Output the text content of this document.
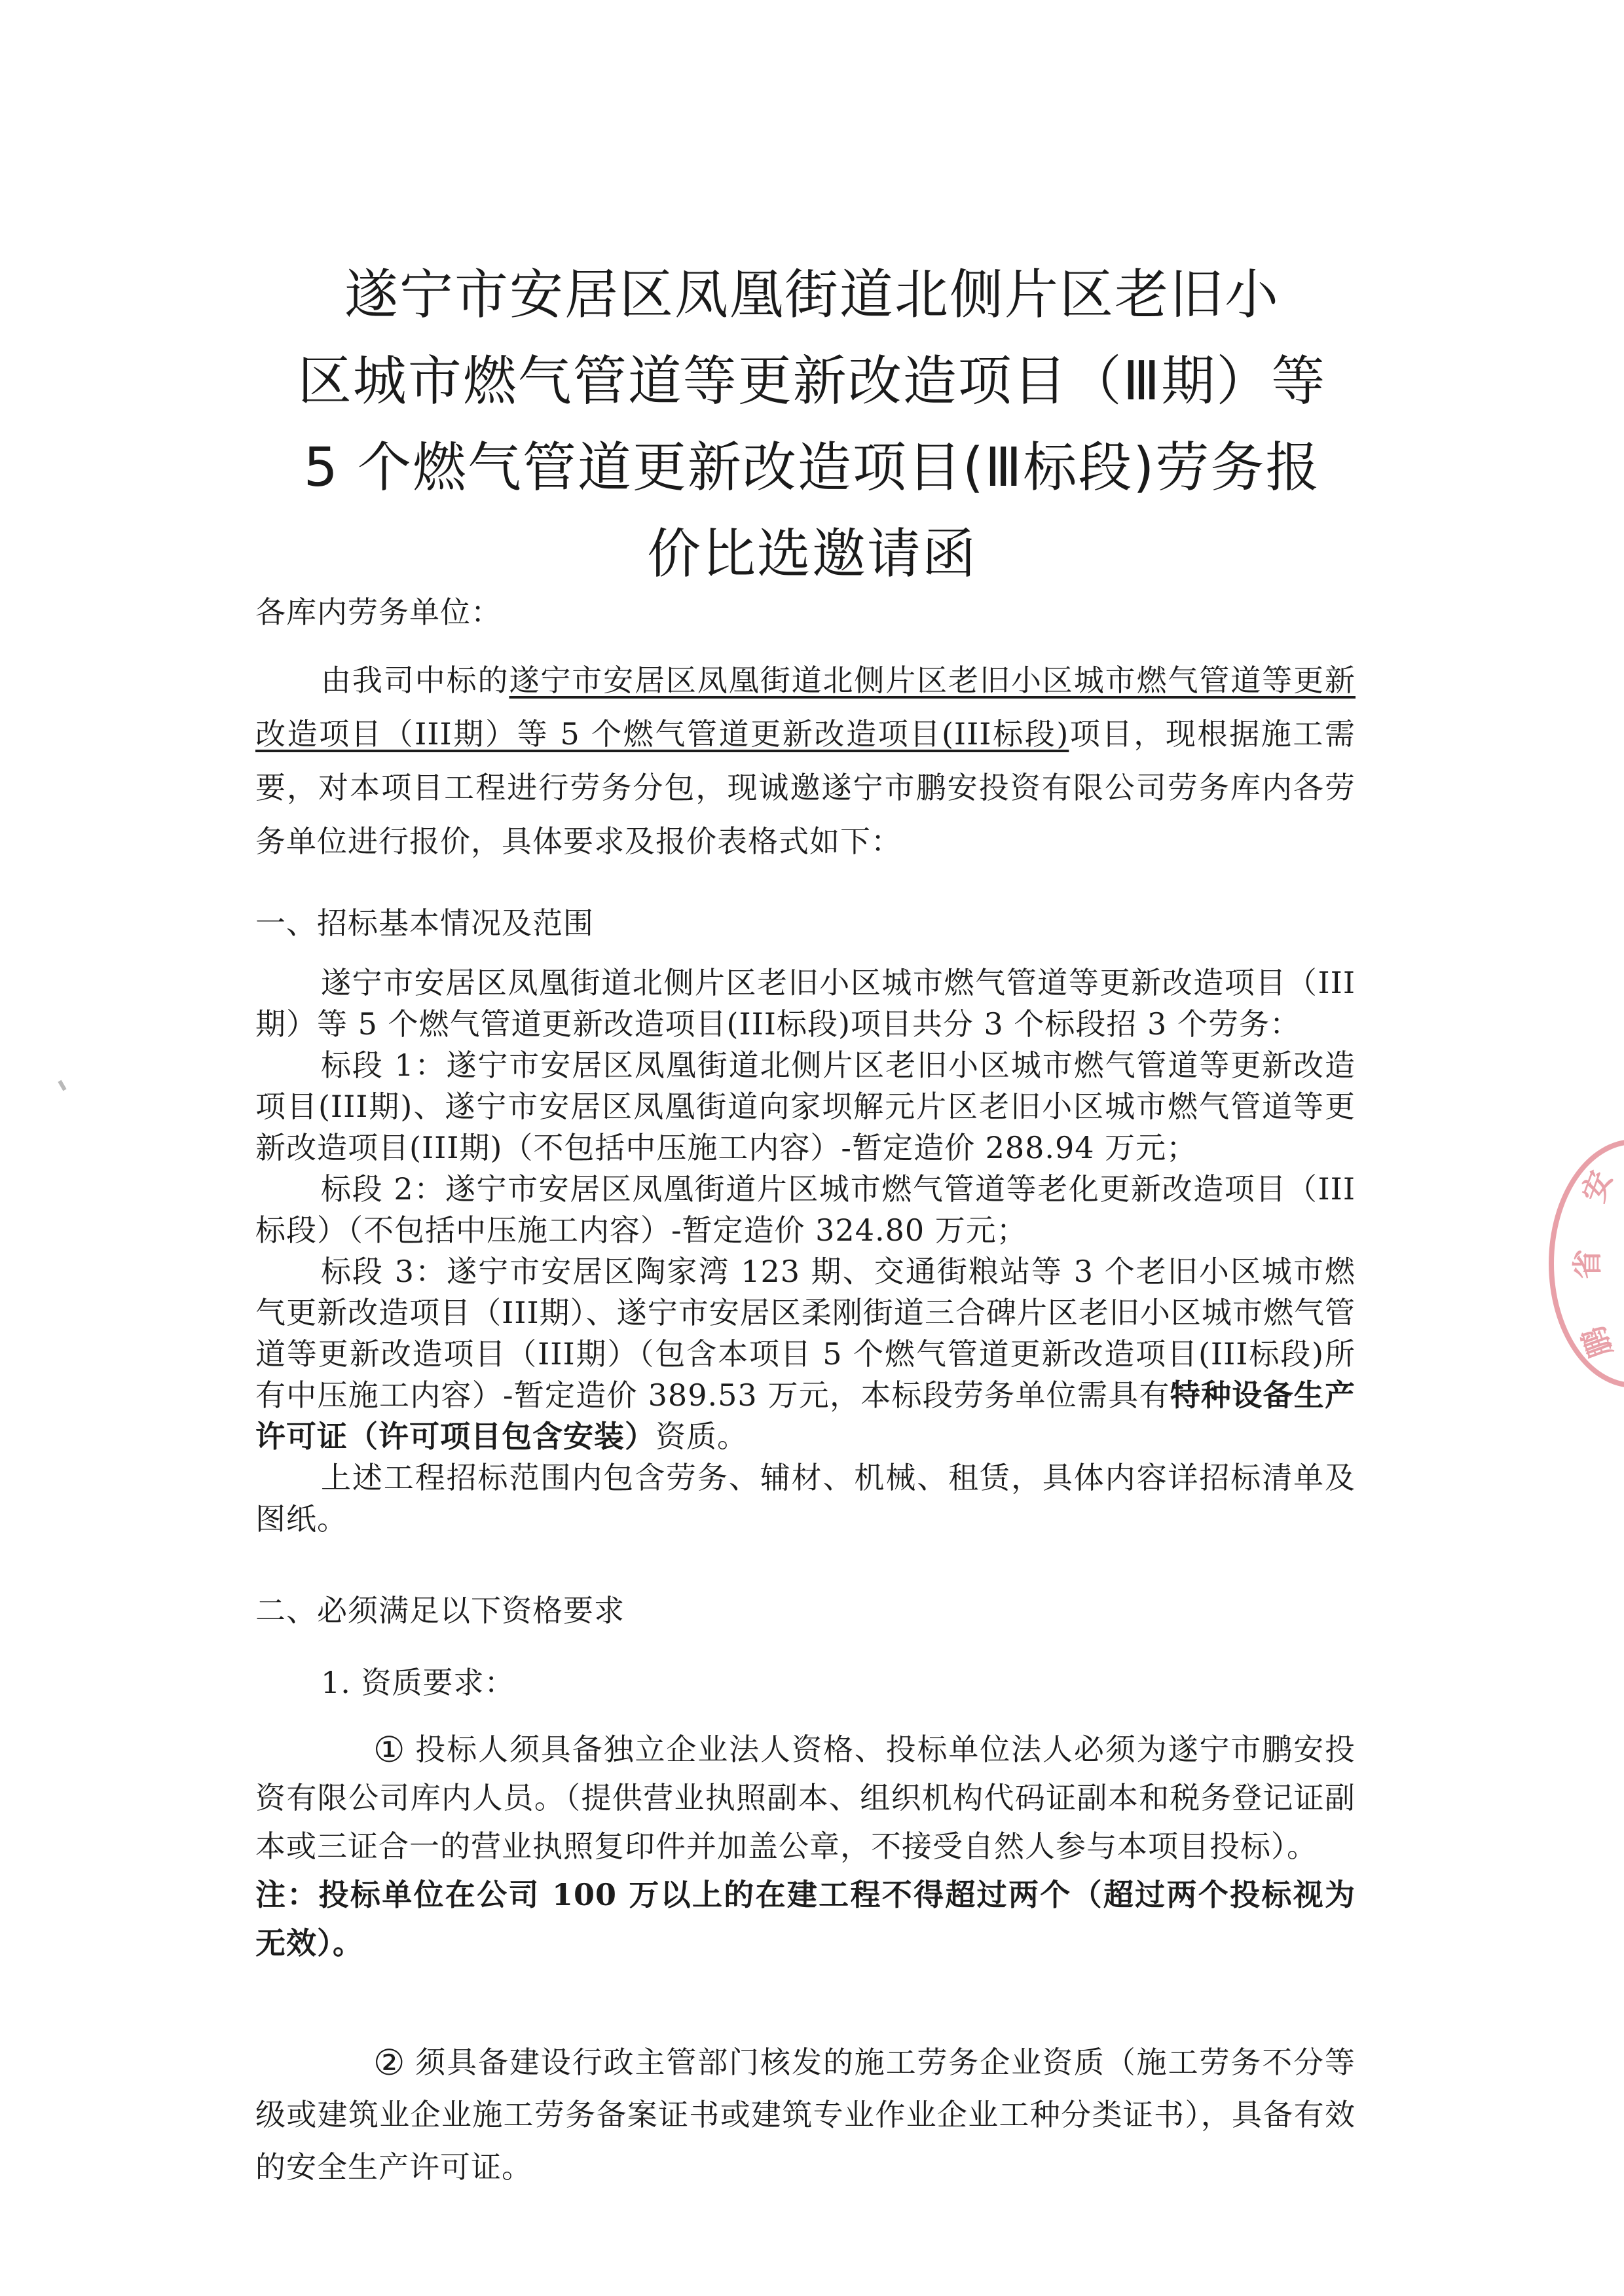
遂宁市安居区凤凰街道北侧片区老旧小
区城市燃气管道等更新改造项目（Ⅲ期）等
5 个燃气管道更新改造项目(Ⅲ标段)劳务报
价比选邀请函
各库内劳务单位：
由我司中标的遂宁市安居区凤凰街道北侧片区老旧小区城市燃气管道等更新改造项目（III期）等 5 个燃气管道更新改造项目(III标段)项目，现根据施工需要，对本项目工程进行劳务分包，现诚邀遂宁市鹏安投资有限公司劳务库内各劳务单位进行报价，具体要求及报价表格式如下：
一、招标基本情况及范围

遂宁市安居区凤凰街道北侧片区老旧小区城市燃气管道等更新改造项目（III期）等 5 个燃气管道更新改造项目(III标段)项目共分 3 个标段招 3 个劳务：

标段 1：遂宁市安居区凤凰街道北侧片区老旧小区城市燃气管道等更新改造项目(III期)、遂宁市安居区凤凰街道向家坝解元片区老旧小区城市燃气管道等更新改造项目(III期)（不包括中压施工内容）-暂定造价 288.94 万元；

标段 2：遂宁市安居区凤凰街道片区城市燃气管道等老化更新改造项目（III标段）（不包括中压施工内容）-暂定造价 324.80 万元；

标段 3：遂宁市安居区陶家湾 123 期、交通街粮站等 3 个老旧小区城市燃气更新改造项目（III期）、遂宁市安居区柔刚街道三合碑片区老旧小区城市燃气管道等更新改造项目（III期）（包含本项目 5 个燃气管道更新改造项目(III标段)所有中压施工内容）-暂定造价 389.53 万元，本标段劳务单位需具有特种设备生产许可证（许可项目包含安装）资质。

上述工程招标范围内包含劳务、辅材、机械、租赁，具体内容详招标清单及图纸。

二、必须满足以下资格要求
1. 资质要求：

① 投标人须具备独立企业法人资格、投标单位法人必须为遂宁市鹏安投资有限公司库内人员。（提供营业执照副本、组织机构代码证副本和税务登记证副本或三证合一的营业执照复印件并加盖公章，不接受自然人参与本项目投标）。

注：投标单位在公司 100 万以上的在建工程不得超过两个（超过两个投标视为无效）。

② 须具备建设行政主管部门核发的施工劳务企业资质（施工劳务不分等级或建筑业企业施工劳务备案证书或建筑专业作业企业工种分类证书），具备有效的安全生产许可证。

安
省
鹏
